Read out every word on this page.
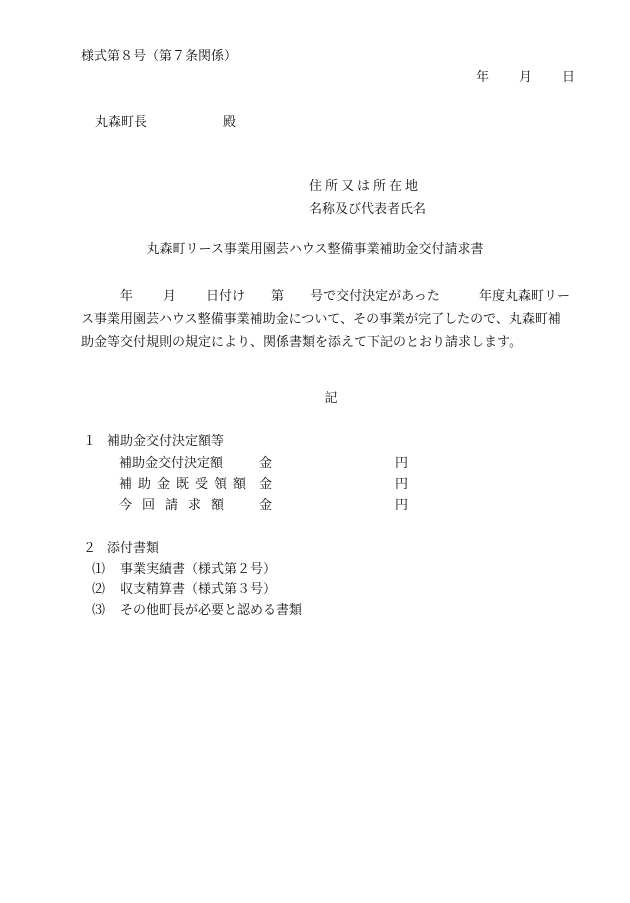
様式第８号（第７条関係）
年 月 日
丸森町長	殿
住所又は所在地
名称及び代表者氏名
丸森町リース事業用園芸ハウス整備事業補助金交付請求書
年 月 日付け 第 号で交付決定があった	年度丸森町リー
ス事業用園芸ハウス整備事業補助金について、その事業が完了したので、丸森町補
助金等交付規則の規定により、関係書類を添えて下記のとおり請求します。
記
１ 補助金交付決定額等
補助金交付決定額	金	円
補助金既受領額 金	円
今回請求額 金	円
２ 添付書類
⑴ 事業実績書（様式第２号）
⑵ 収支精算書（様式第３号）
⑶ その他町長が必要と認める書類
